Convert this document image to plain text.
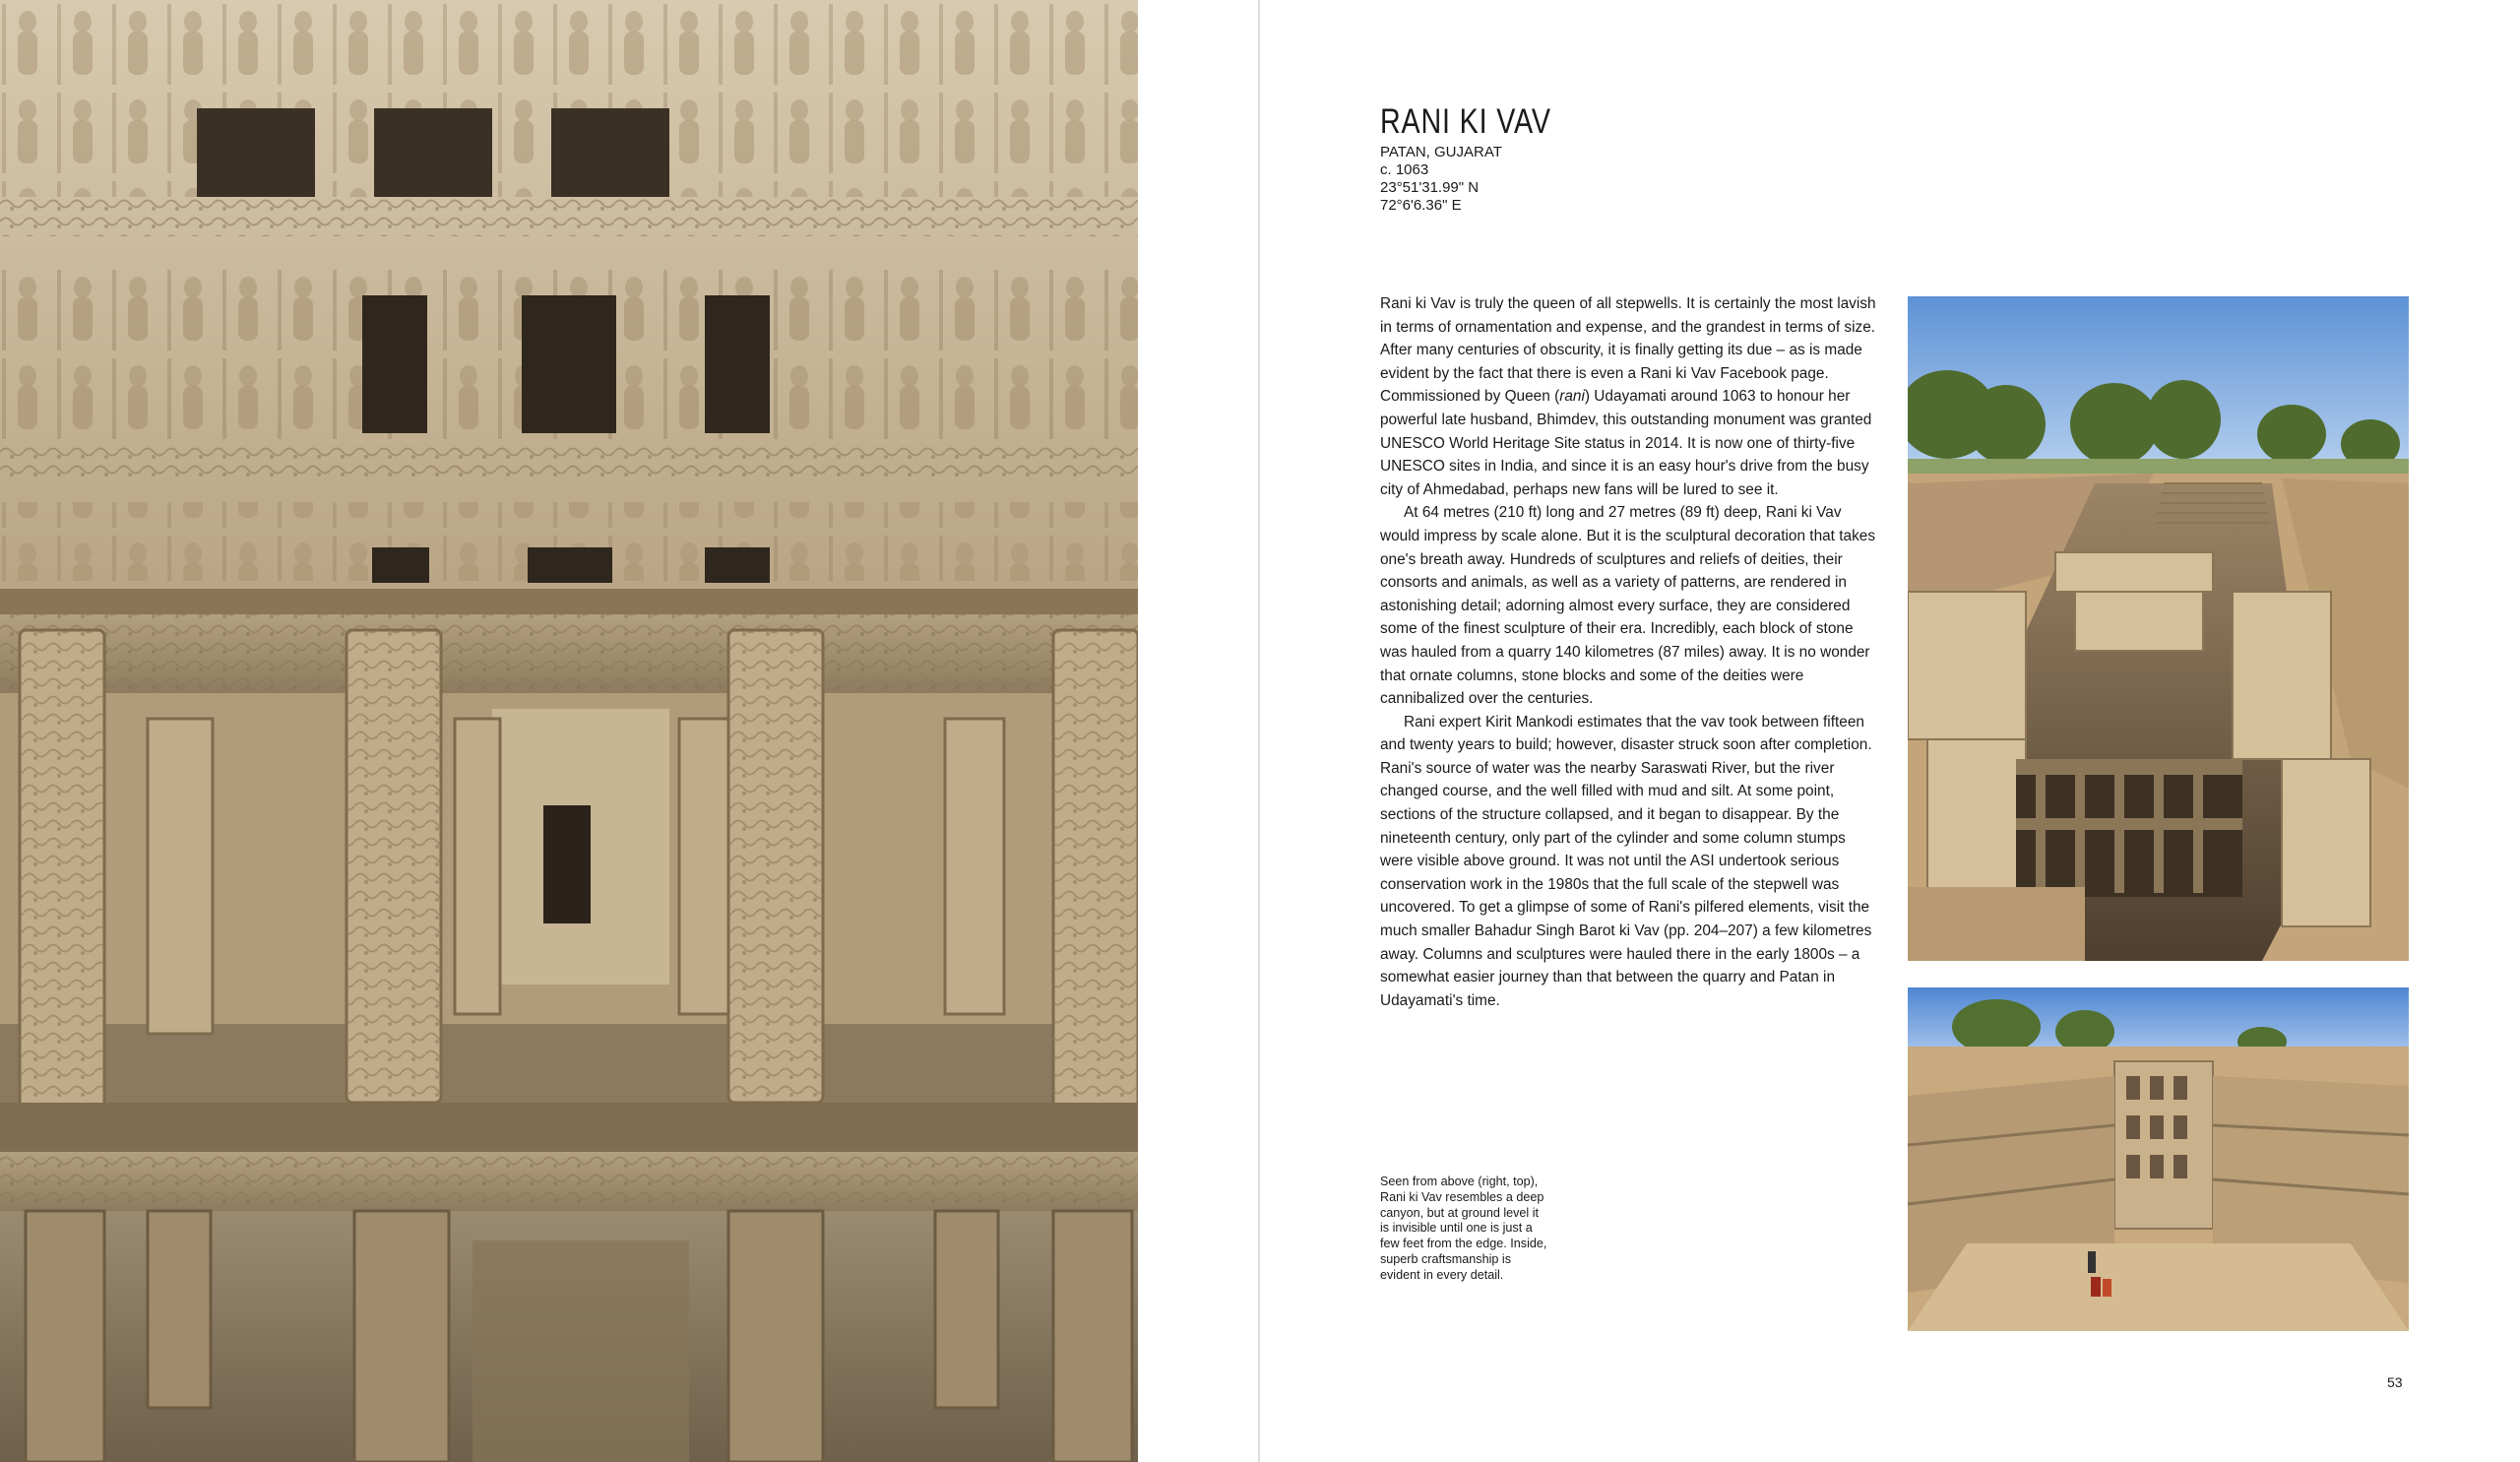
RANI KI VAV
PATAN, GUJARAT
c. 1063
23°51'31.99" N
72°6'6.36" E

Rani ki Vav is truly the queen of all stepwells. It is certainly the most lavish in terms of ornamentation and expense, and the grandest in terms of size. After many centuries of obscurity, it is finally getting its due – as is made evident by the fact that there is even a Rani ki Vav Facebook page. Commissioned by Queen (rani) Udayamati around 1063 to honour her powerful late husband, Bhimdev, this outstanding monument was granted UNESCO World Heritage Site status in 2014. It is now one of thirty-five UNESCO sites in India, and since it is an easy hour's drive from the busy city of Ahmedabad, perhaps new fans will be lured to see it.

At 64 metres (210 ft) long and 27 metres (89 ft) deep, Rani ki Vav would impress by scale alone. But it is the sculptural decoration that takes one's breath away. Hundreds of sculptures and reliefs of deities, their consorts and animals, as well as a variety of patterns, are rendered in astonishing detail; adorning almost every surface, they are considered some of the finest sculpture of their era. Incredibly, each block of stone was hauled from a quarry 140 kilometres (87 miles) away. It is no wonder that ornate columns, stone blocks and some of the deities were cannibalized over the centuries.

Rani expert Kirit Mankodi estimates that the vav took between fifteen and twenty years to build; however, disaster struck soon after completion. Rani's source of water was the nearby Saraswati River, but the river changed course, and the well filled with mud and silt. At some point, sections of the structure collapsed, and it began to disappear. By the nineteenth century, only part of the cylinder and some column stumps were visible above ground. It was not until the ASI undertook serious conservation work in the 1980s that the full scale of the stepwell was uncovered. To get a glimpse of some of Rani's pilfered elements, visit the much smaller Bahadur Singh Barot ki Vav (pp. 204–207) a few kilometres away. Columns and sculptures were hauled there in the early 1800s – a somewhat easier journey than that between the quarry and Patan in Udayamati's time.

Seen from above (right, top), Rani ki Vav resembles a deep canyon, but at ground level it is invisible until one is just a few feet from the edge. Inside, superb craftsmanship is evident in every detail.
53
